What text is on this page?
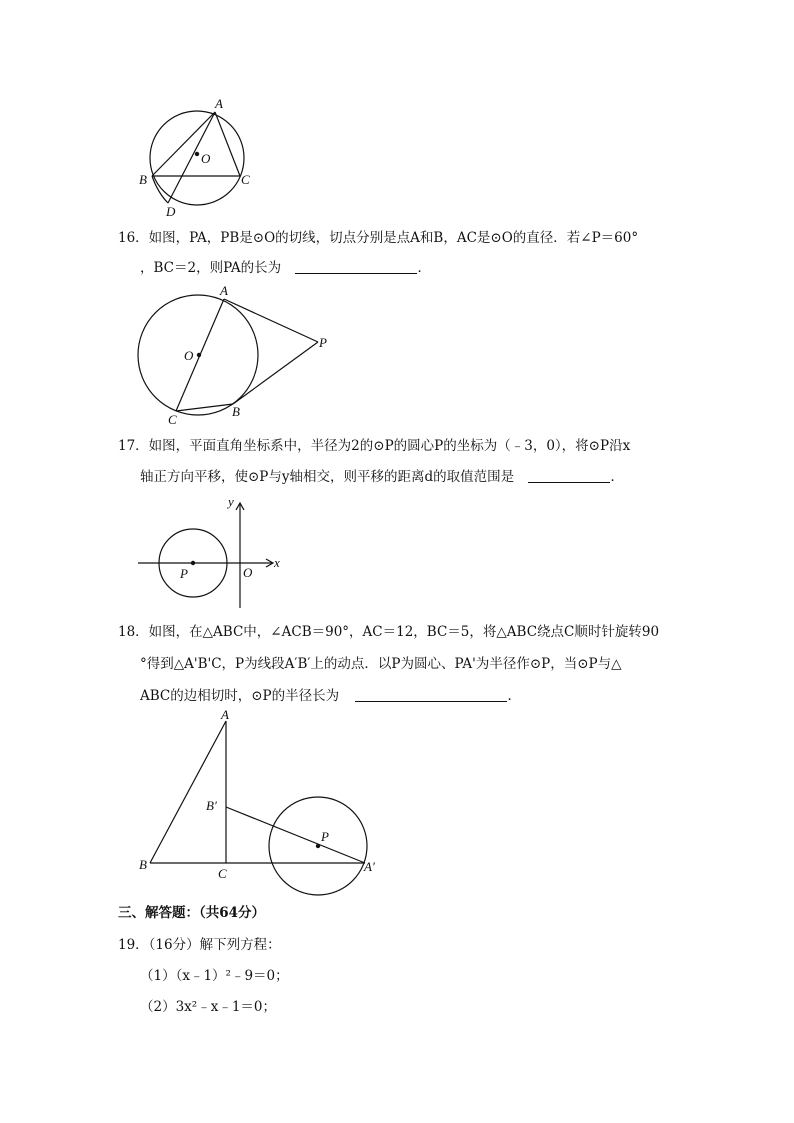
A
O
B	C
D
16．如图，PA，PB是⊙O的切线，切点分别是点A和B，AC是⊙O的直径．若∠P＝60°
，BC＝2，则PA的长为	．
A
O
P
C
B
17．如图，平面直角坐标系中，半径为2的⊙P的圆心P的坐标为（﹣3，0），将⊙P沿x
轴正方向平移，使⊙P与y轴相交，则平移的距离d的取值范围是	．
y
x
P	O
18．如图，在△ABC中，∠ACB＝90°，AC＝12，BC＝5，将△ABC绕点C顺时针旋转90
°得到△A'B'C，P为线段A′B′上的动点．以P为圆心、PA'为半径作⊙P，当⊙P与△
ABC的边相切时，⊙P的半径长为	．
A
B′
P
B
C	A′
三、解答题：（共64分）
19．（16分）解下列方程：
（1）（x﹣1）²﹣9＝0；
（2）3x²﹣x﹣1＝0；
